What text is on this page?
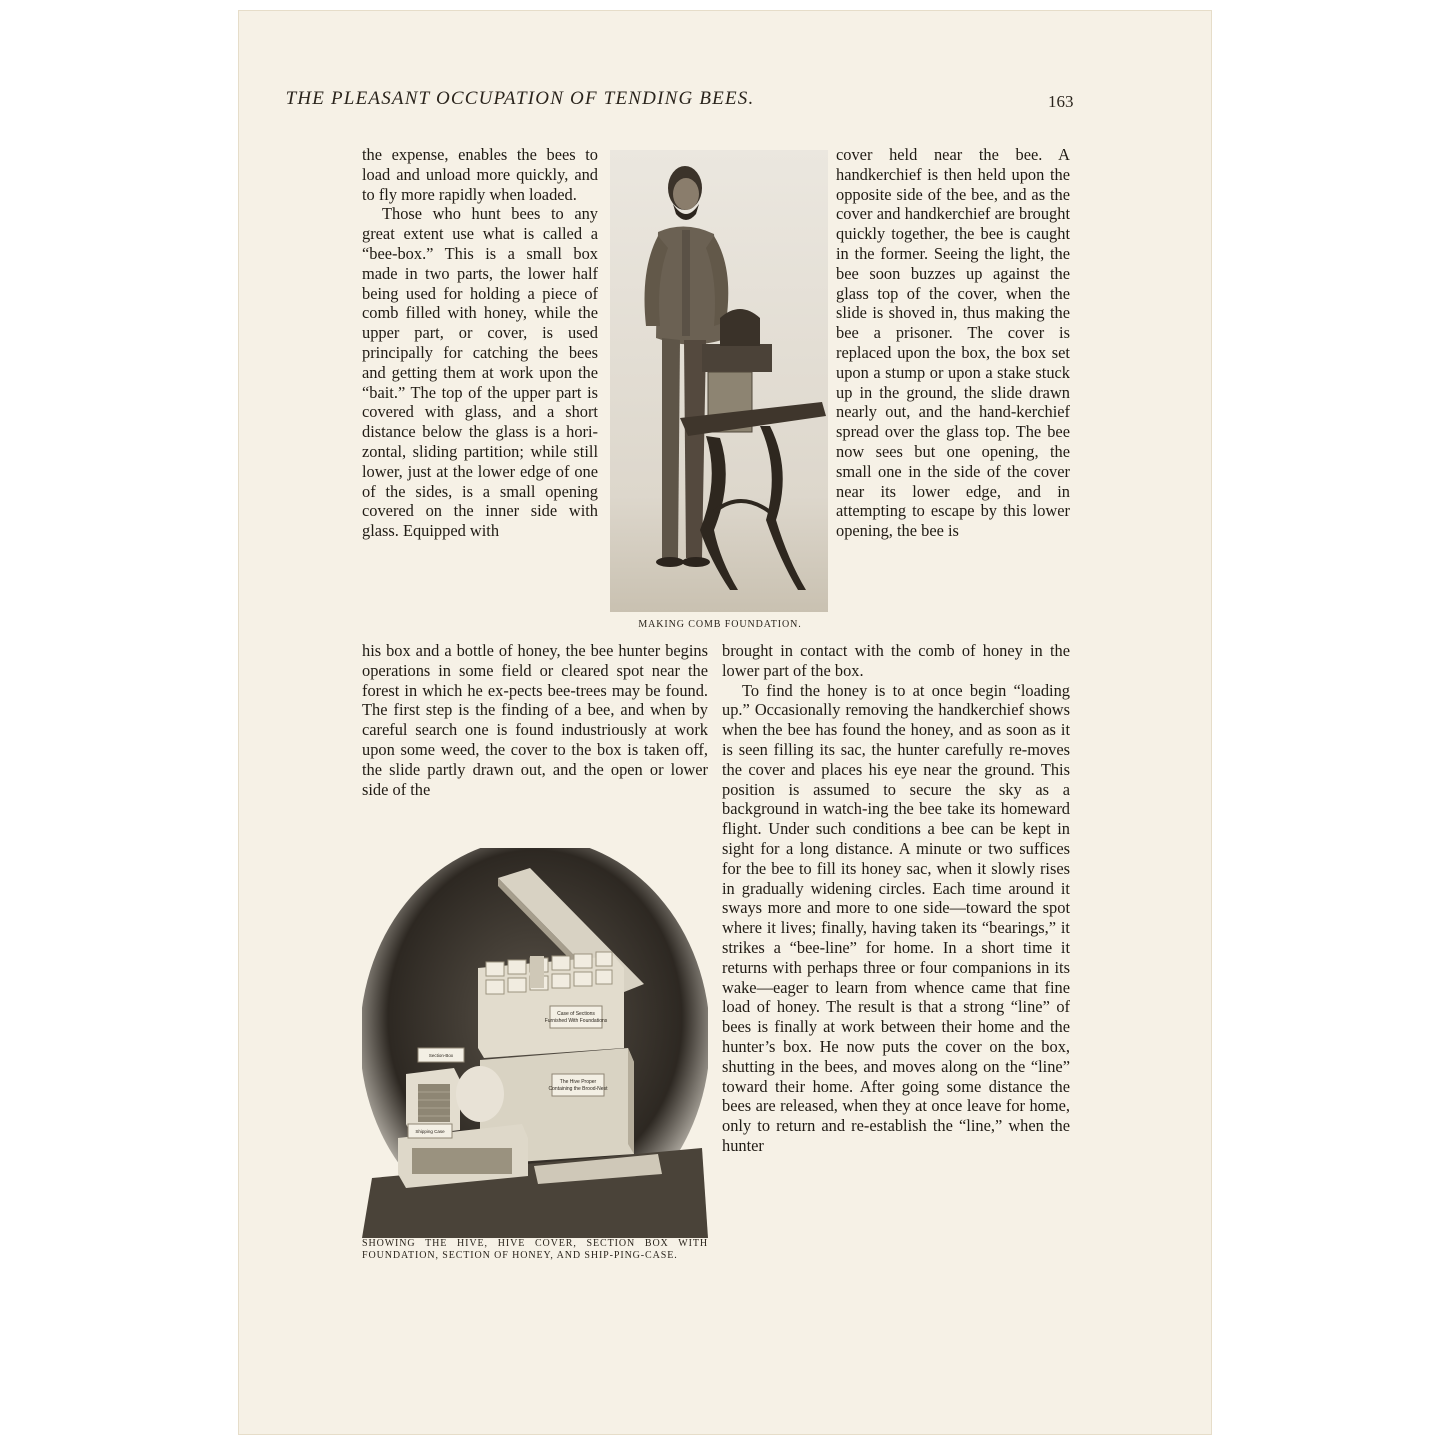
THE PLEASANT OCCUPATION OF TENDING BEES.	163

the expense, enables the bees to load and unload more quickly, and to fly more rapidly when loaded.

Those who hunt bees to any great extent use what is called a “bee-box.” This is a small box made in two parts, the lower half being used for holding a piece of comb filled with honey, while the upper part, or cover, is used principally for catching the bees and getting them at work upon the “bait.” The top of the upper part is covered with glass, and a short distance below the glass is a hori-zontal, sliding partition; while still lower, just at the lower edge of one of the sides, is a small opening covered on the inner side with glass. Equipped with

MAKING COMB FOUNDATION.

cover held near the bee. A handkerchief is then held upon the opposite side of the bee, and as the cover and handkerchief are brought quickly together, the bee is caught in the former. Seeing the light, the bee soon buzzes up against the glass top of the cover, when the slide is shoved in, thus making the bee a prisoner. The cover is replaced upon the box, the box set upon a stump or upon a stake stuck up in the ground, the slide drawn nearly out, and the hand-kerchief spread over the glass top. The bee now sees but one opening, the small one in the side of the cover near its lower edge, and in attempting to escape by this lower opening, the bee is

his box and a bottle of honey, the bee hunter begins operations in some field or cleared spot near the forest in which he ex-pects bee-trees may be found. The first step is the finding of a bee, and when by careful search one is found industriously at work upon some weed, the cover to the box is taken off, the slide partly drawn out, and the open or lower side of the

brought in contact with the comb of honey in the lower part of the box.

To find the honey is to at once begin “loading up.” Occasionally removing the handkerchief shows when the bee has found the honey, and as soon as it is seen filling its sac, the hunter carefully re-moves the cover and places his eye near the ground. This position is assumed to secure the sky as a background in watch-ing the bee take its homeward flight. Under such conditions a bee can be kept in sight for a long distance. A minute or two suffices for the bee to fill its honey sac, when it slowly rises in gradually widening circles. Each time around it sways more and more to one side—toward the spot where it lives; finally, having taken its “bearings,” it strikes a “bee-line” for home. In a short time it returns with perhaps three or four companions in its wake—eager to learn from whence came that fine load of honey. The result is that a strong “line” of bees is finally at work between their home and the hunter’s box. He now puts the cover on the box, shutting in the bees, and moves along on the “line” toward their home. After going some distance the bees are released, when they at once leave for home, only to return and re-establish the “line,” when the hunter

Case of Sections
Furnished With Foundations
The Hive Proper
Containing the Brood-Nest
Shipping Case
Section-Box
SHOWING THE HIVE, HIVE COVER, SECTION BOX WITH FOUNDATION, SECTION OF HONEY, AND SHIP-PING-CASE.
